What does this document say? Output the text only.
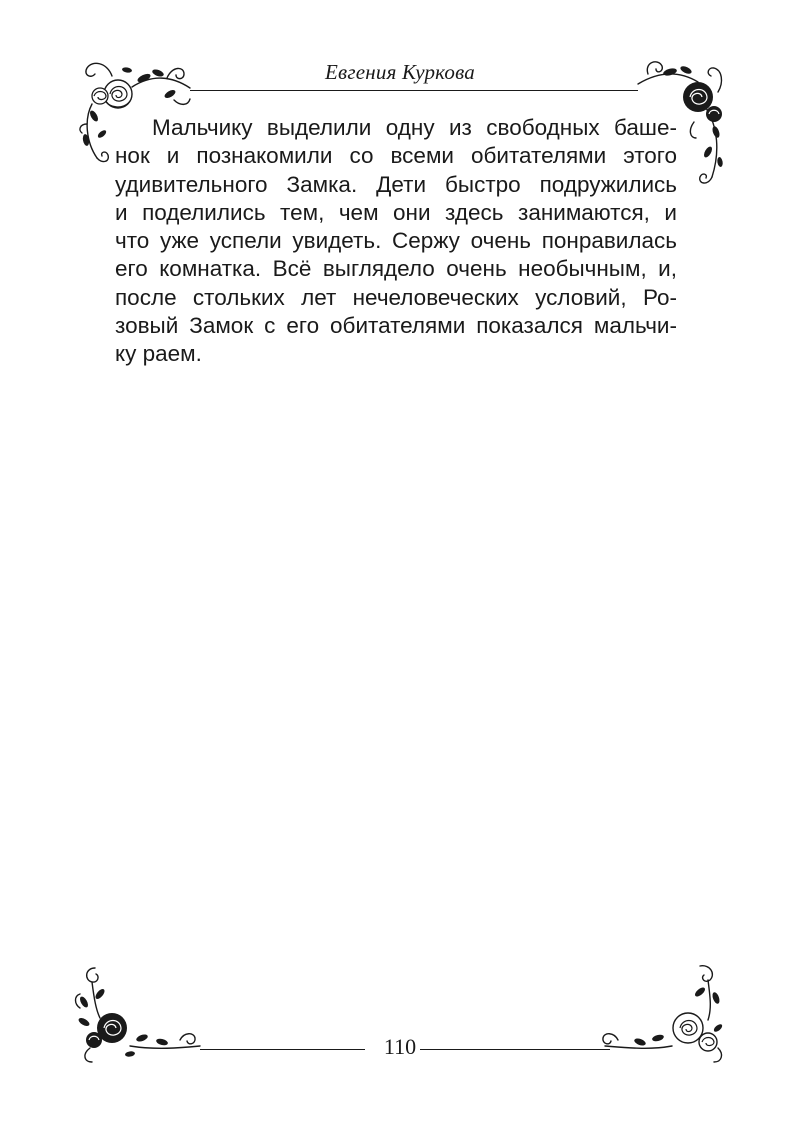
Евгения Куркова
Мальчику выделили одну из свободных баше-
нок и познакомили со всеми обитателями этого
удивительного Замка. Дети быстро подружились
и поделились тем, чем они здесь занимаются, и
что уже успели увидеть. Сержу очень понравилась
его комнатка. Всё выглядело очень необычным, и,
после стольких лет нечеловеческих условий, Ро-
зовый Замок с его обитателями показался мальчи-
ку раем.
110
